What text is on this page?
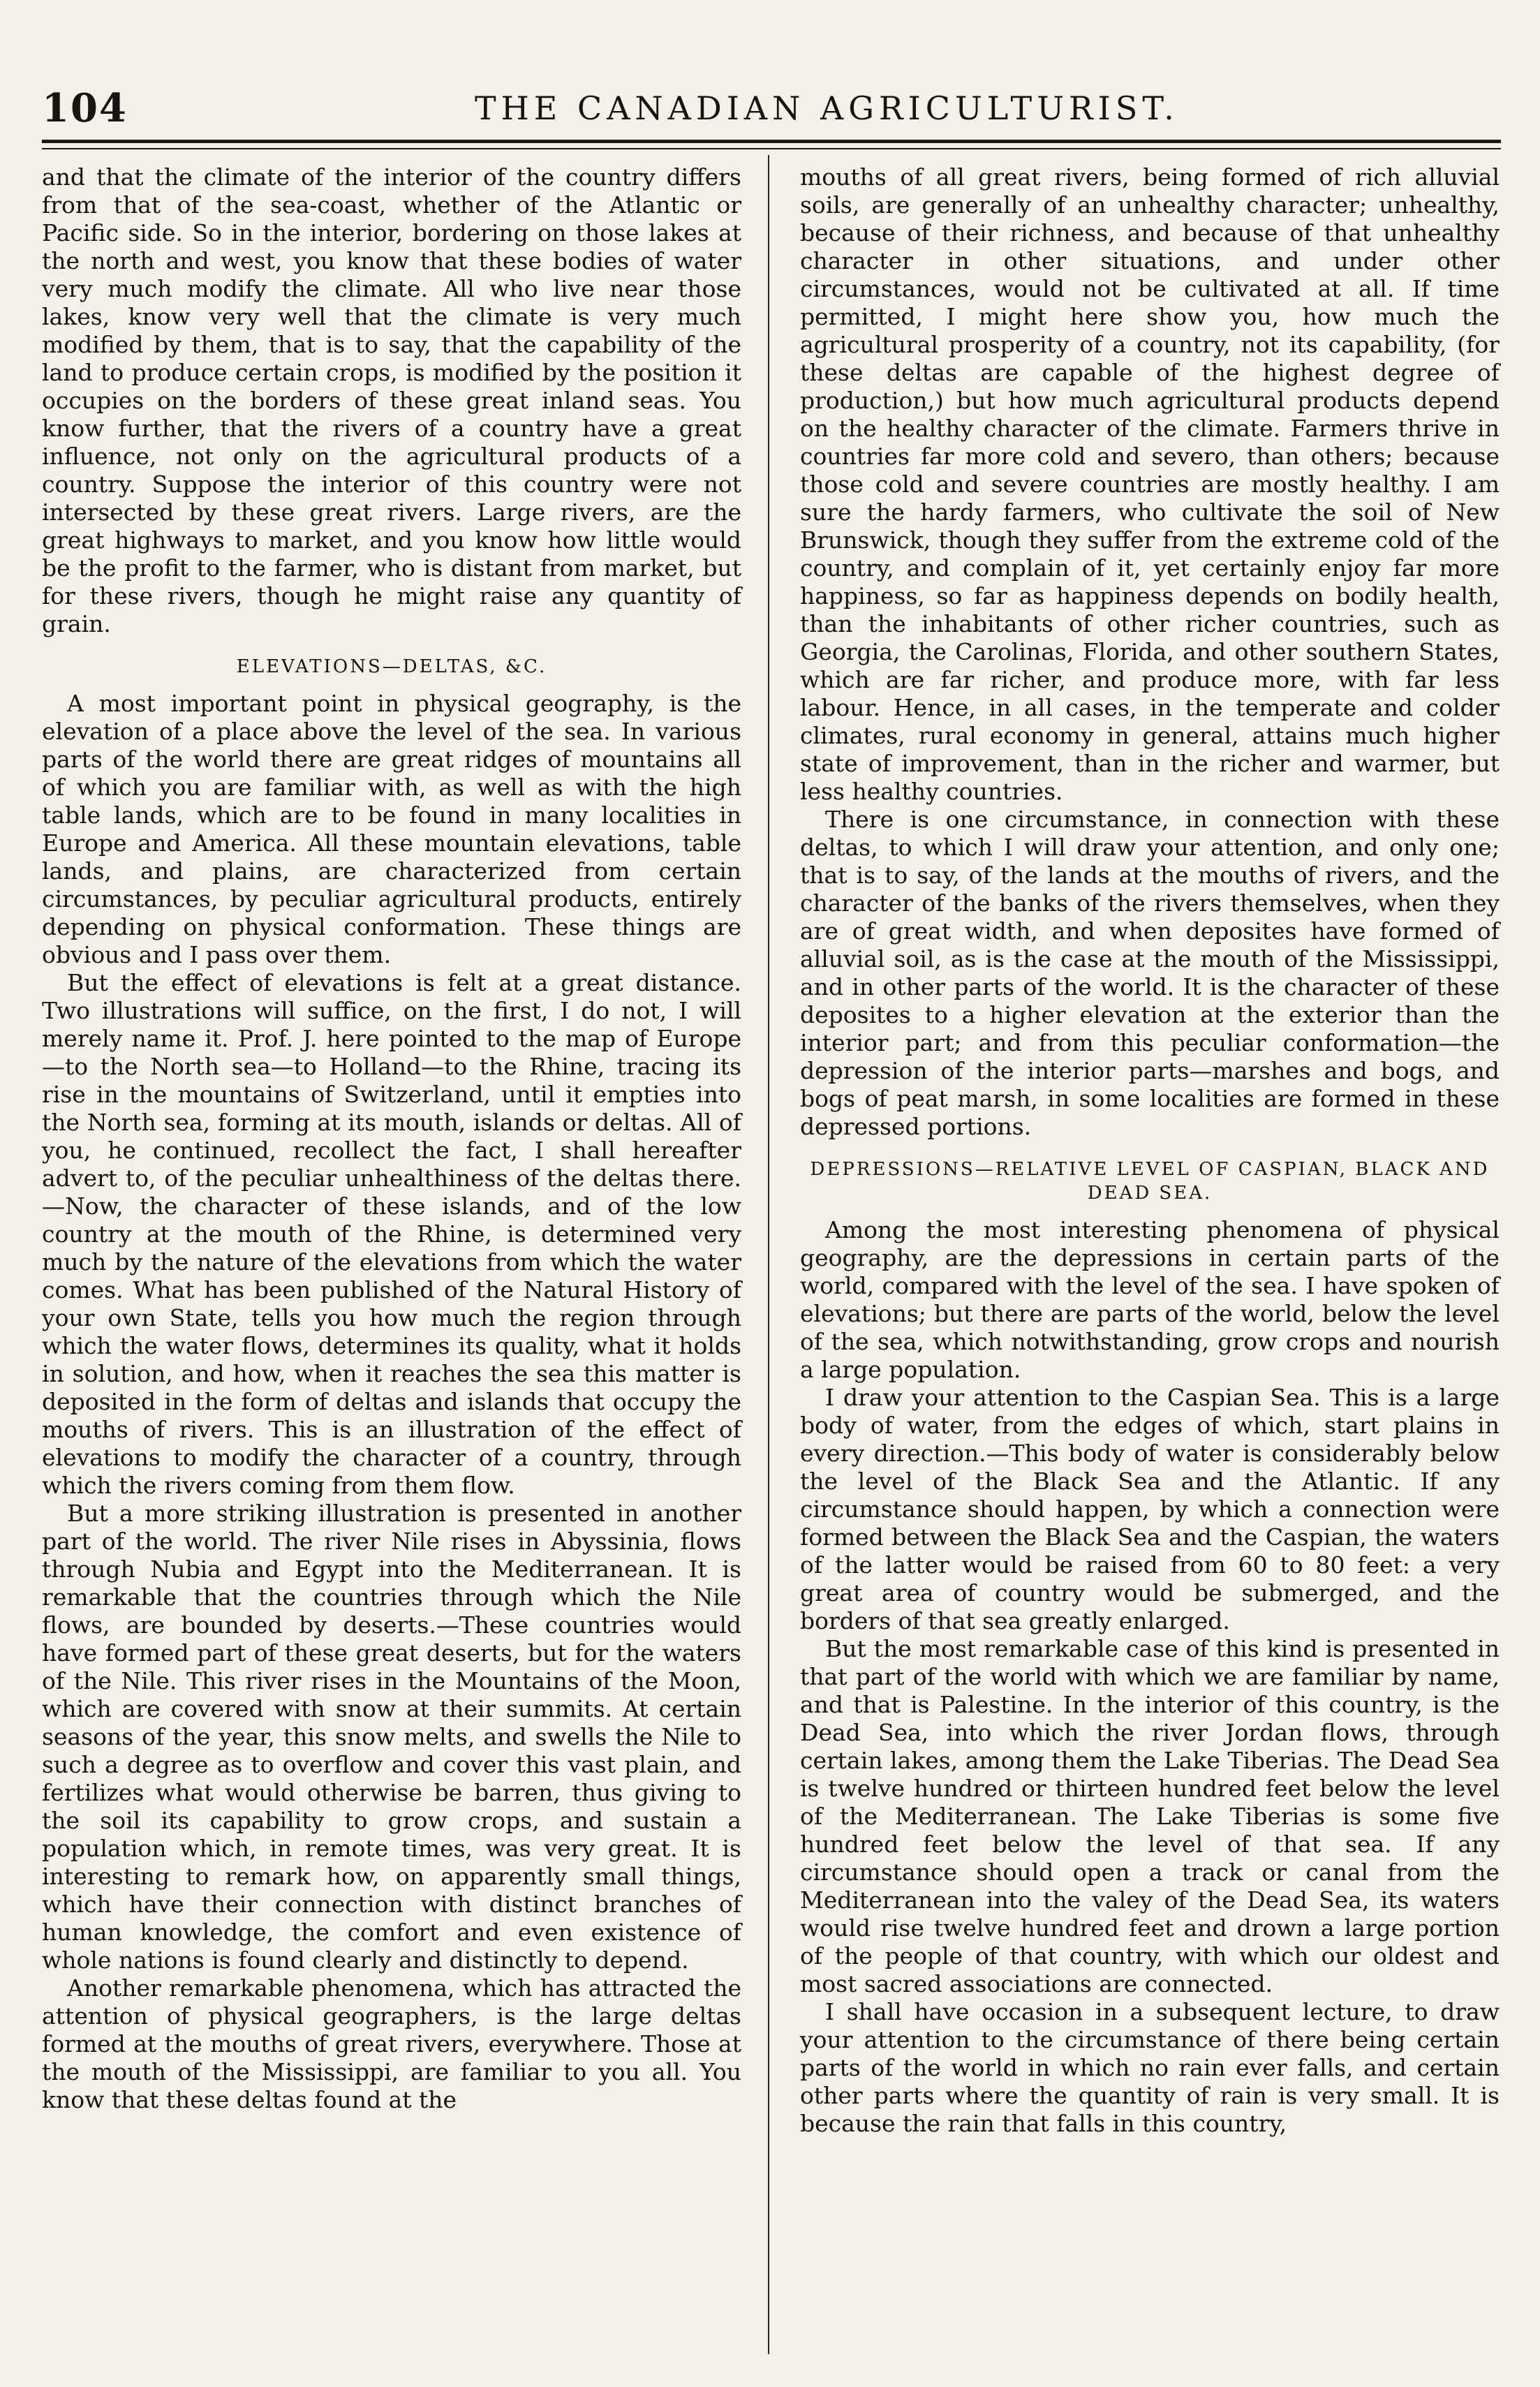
104	THE CANADIAN AGRICULTURIST.

and that the climate of the interior of the country differs from that of the sea-coast, whether of the Atlantic or Pacific side. So in the interior, bordering on those lakes at the north and west, you know that these bodies of water very much modify the climate. All who live near those lakes, know very well that the climate is very much modified by them, that is to say, that the capability of the land to produce certain crops, is modified by the position it occupies on the borders of these great inland seas. You know further, that the rivers of a country have a great influence, not only on the agricultural products of a country. Suppose the interior of this country were not intersected by these great rivers. Large rivers, are the great highways to market, and you know how little would be the profit to the farmer, who is distant from market, but for these rivers, though he might raise any quantity of grain.

ELEVATIONS—DELTAS, &C.

A most important point in physical geography, is the elevation of a place above the level of the sea. In various parts of the world there are great ridges of mountains all of which you are familiar with, as well as with the high table lands, which are to be found in many localities in Europe and America. All these mountain elevations, table lands, and plains, are characterized from certain circumstances, by peculiar agricultural products, entirely depending on physical conformation. These things are obvious and I pass over them.

But the effect of elevations is felt at a great distance. Two illustrations will suffice, on the first, I do not, I will merely name it. Prof. J. here pointed to the map of Europe—to the North sea—to Holland—to the Rhine, tracing its rise in the mountains of Switzerland, until it empties into the North sea, forming at its mouth, islands or deltas. All of you, he continued, recollect the fact, I shall hereafter advert to, of the peculiar unhealthiness of the deltas there.—Now, the character of these islands, and of the low country at the mouth of the Rhine, is determined very much by the nature of the elevations from which the water comes. What has been published of the Natural History of your own State, tells you how much the region through which the water flows, determines its quality, what it holds in solution, and how, when it reaches the sea this matter is deposited in the form of deltas and islands that occupy the mouths of rivers. This is an illustration of the effect of elevations to modify the character of a country, through which the rivers coming from them flow.

But a more striking illustration is presented in another part of the world. The river Nile rises in Abyssinia, flows through Nubia and Egypt into the Mediterranean. It is remarkable that the countries through which the Nile flows, are bounded by deserts.—These countries would have formed part of these great deserts, but for the waters of the Nile. This river rises in the Mountains of the Moon, which are covered with snow at their summits. At certain seasons of the year, this snow melts, and swells the Nile to such a degree as to overflow and cover this vast plain, and fertilizes what would otherwise be barren, thus giving to the soil its capability to grow crops, and sustain a population which, in remote times, was very great. It is interesting to remark how, on apparently small things, which have their connection with distinct branches of human knowledge, the comfort and even existence of whole nations is found clearly and distinctly to depend.

Another remarkable phenomena, which has attracted the attention of physical geographers, is the large deltas formed at the mouths of great rivers, everywhere. Those at the mouth of the Mississippi, are familiar to you all. You know that these deltas found at the

mouths of all great rivers, being formed of rich alluvial soils, are generally of an unhealthy character; unhealthy, because of their richness, and because of that unhealthy character in other situations, and under other circumstances, would not be cultivated at all. If time permitted, I might here show you, how much the agricultural prosperity of a country, not its capability, (for these deltas are capable of the highest degree of production,) but how much agricultural products depend on the healthy character of the climate. Farmers thrive in countries far more cold and severo, than others; because those cold and severe countries are mostly healthy. I am sure the hardy farmers, who cultivate the soil of New Brunswick, though they suffer from the extreme cold of the country, and complain of it, yet certainly enjoy far more happiness, so far as happiness depends on bodily health, than the inhabitants of other richer countries, such as Georgia, the Carolinas, Florida, and other southern States, which are far richer, and produce more, with far less labour. Hence, in all cases, in the temperate and colder climates, rural economy in general, attains much higher state of improvement, than in the richer and warmer, but less healthy countries.

There is one circumstance, in connection with these deltas, to which I will draw your attention, and only one; that is to say, of the lands at the mouths of rivers, and the character of the banks of the rivers themselves, when they are of great width, and when deposites have formed of alluvial soil, as is the case at the mouth of the Mississippi, and in other parts of the world. It is the character of these deposites to a higher elevation at the exterior than the interior part; and from this peculiar conformation—the depression of the interior parts—marshes and bogs, and bogs of peat marsh, in some localities are formed in these depressed portions.

DEPRESSIONS—RELATIVE LEVEL OF CASPIAN, BLACK AND DEAD SEA.

Among the most interesting phenomena of physical geography, are the depressions in certain parts of the world, compared with the level of the sea. I have spoken of elevations; but there are parts of the world, below the level of the sea, which notwithstanding, grow crops and nourish a large population.

I draw your attention to the Caspian Sea. This is a large body of water, from the edges of which, start plains in every direction.—This body of water is considerably below the level of the Black Sea and the Atlantic. If any circumstance should happen, by which a connection were formed between the Black Sea and the Caspian, the waters of the latter would be raised from 60 to 80 feet: a very great area of country would be submerged, and the borders of that sea greatly enlarged.

But the most remarkable case of this kind is presented in that part of the world with which we are familiar by name, and that is Palestine. In the interior of this country, is the Dead Sea, into which the river Jordan flows, through certain lakes, among them the Lake Tiberias. The Dead Sea is twelve hundred or thirteen hundred feet below the level of the Mediterranean. The Lake Tiberias is some five hundred feet below the level of that sea. If any circumstance should open a track or canal from the Mediterranean into the valey of the Dead Sea, its waters would rise twelve hundred feet and drown a large portion of the people of that country, with which our oldest and most sacred associations are connected.

I shall have occasion in a subsequent lecture, to draw your attention to the circumstance of there being certain parts of the world in which no rain ever falls, and certain other parts where the quantity of rain is very small. It is because the rain that falls in this country,
